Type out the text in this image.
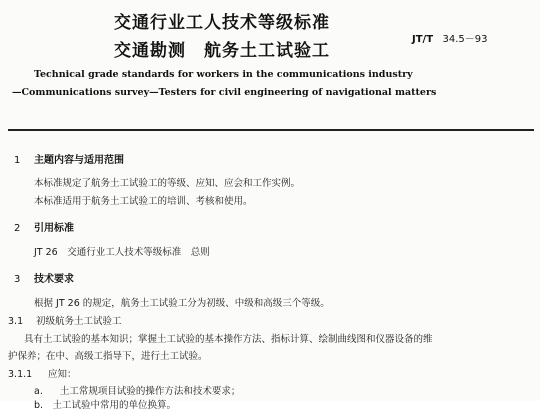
交通行业工人技术等级标准
交通勘测　航务土工试验工
JT/T 34.5－93
Technical grade standards for workers in the communications industry
—Communications survey—Testers for civil engineering of navigational matters
1 主题内容与适用范围
本标准规定了航务土工试验工的等级、应知、应会和工作实例。
本标准适用于航务土工试验工的培训、考核和使用。
2 引用标准
JT 26　交通行业工人技术等级标准　总则
3 技术要求
根据 JT 26 的规定，航务土工试验工分为初级、中级和高级三个等级。
3.1 初级航务土工试验工
具有土工试验的基本知识；掌握土工试验的基本操作方法、指标计算、绘制曲线图和仪器设备的维
护保养；在中、高级工指导下，进行土工试验。
3.1.1 应知：
a. 土工常规项目试验的操作方法和技术要求；
b.　土工试验中常用的单位换算。
